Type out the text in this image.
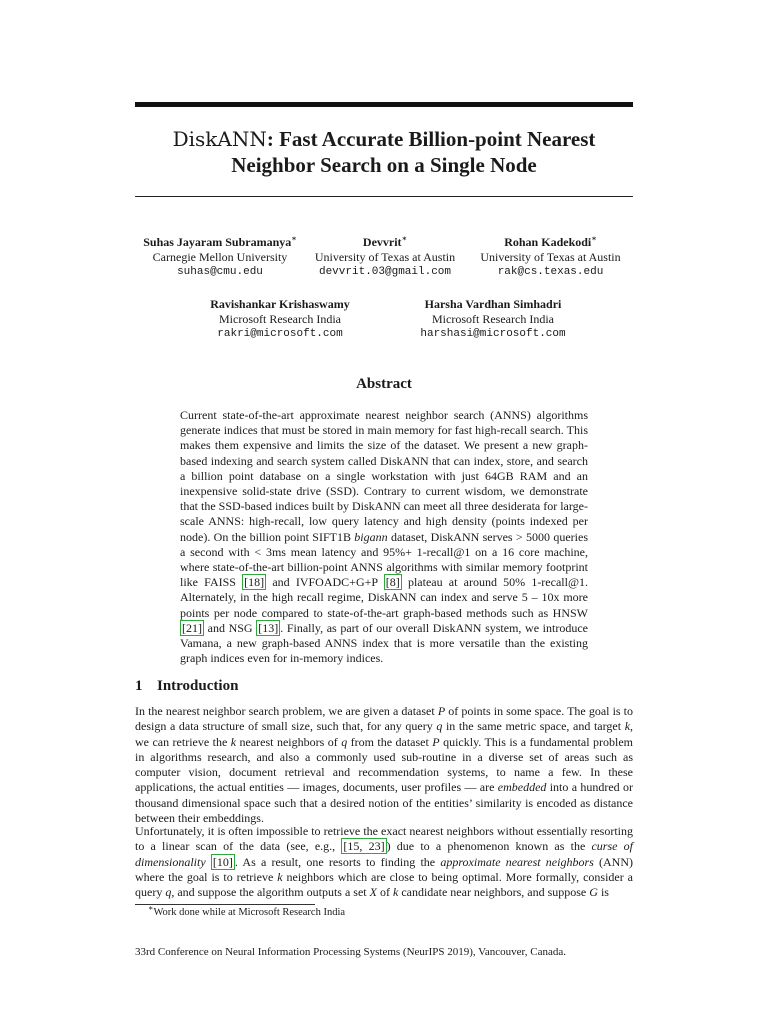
DiskANN: Fast Accurate Billion-point Nearest Neighbor Search on a Single Node
Suhas Jayaram Subramanya∗
Carnegie Mellon University
suhas@cmu.edu
Devvrit∗
University of Texas at Austin
devvrit.03@gmail.com
Rohan Kadekodi∗
University of Texas at Austin
rak@cs.texas.edu
Ravishankar Krishaswamy
Microsoft Research India
rakri@microsoft.com
Harsha Vardhan Simhadri
Microsoft Research India
harshasi@microsoft.com
Abstract
Current state-of-the-art approximate nearest neighbor search (ANNS) algorithms generate indices that must be stored in main memory for fast high-recall search. This makes them expensive and limits the size of the dataset. We present a new graph-based indexing and search system called DiskANN that can index, store, and search a billion point database on a single workstation with just 64GB RAM and an inexpensive solid-state drive (SSD). Contrary to current wisdom, we demonstrate that the SSD-based indices built by DiskANN can meet all three desiderata for large-scale ANNS: high-recall, low query latency and high density (points indexed per node). On the billion point SIFT1B bigann dataset, DiskANN serves > 5000 queries a second with < 3ms mean latency and 95%+ 1-recall@1 on a 16 core machine, where state-of-the-art billion-point ANNS algorithms with similar memory footprint like FAISS [18] and IVFOADC+G+P [8] plateau at around 50% 1-recall@1. Alternately, in the high recall regime, DiskANN can index and serve 5 – 10x more points per node compared to state-of-the-art graph-based methods such as HNSW [21] and NSG [13] . Finally, as part of our overall DiskANN system, we introduce Vamana, a new graph-based ANNS index that is more versatile than the existing graph indices even for in-memory indices.
1 Introduction
In the nearest neighbor search problem, we are given a dataset P of points in some space. The goal is to design a data structure of small size, such that, for any query q in the same metric space, and target k, we can retrieve the k nearest neighbors of q from the dataset P quickly. This is a fundamental problem in algorithms research, and also a commonly used sub-routine in a diverse set of areas such as computer vision, document retrieval and recommendation systems, to name a few. In these applications, the actual entities — images, documents, user profiles — are embedded into a hundred or thousand dimensional space such that a desired notion of the entities’ similarity is encoded as distance between their embeddings.
Unfortunately, it is often impossible to retrieve the exact nearest neighbors without essentially resorting to a linear scan of the data (see, e.g., [15, 23] ) due to a phenomenon known as the curse of dimensionality [10] . As a result, one resorts to finding the approximate nearest neighbors (ANN) where the goal is to retrieve k neighbors which are close to being optimal. More formally, consider a query q, and suppose the algorithm outputs a set X of k candidate near neighbors, and suppose G is
∗Work done while at Microsoft Research India
33rd Conference on Neural Information Processing Systems (NeurIPS 2019), Vancouver, Canada.
